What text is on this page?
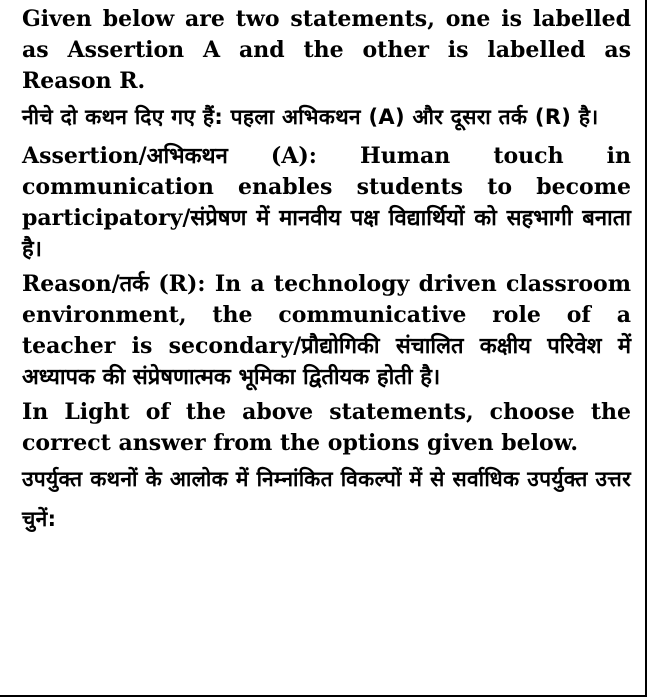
Given below are two statements, one is labelled as Assertion A and the other is labelled as Reason R.

नीचे दो कथन दिए गए हैं: पहला अभिकथन (A) और दूसरा तर्क (R) है।

Assertion/अभिकथन (A): Human touch in communication enables students to become participatory/संप्रेषण में मानवीय पक्ष विद्यार्थियों को सहभागी बनाता है।

Reason/तर्क (R): In a technology driven classroom environment, the communicative role of a teacher is secondary/प्रौद्योगिकी संचालित कक्षीय परिवेश में अध्यापक की संप्रेषणात्मक भूमिका द्वितीयक होती है।

In Light of the above statements, choose the correct answer from the options given below.

उपर्युक्त कथनों के आलोक में निम्नांकित विकल्पों में से सर्वाधिक उपर्युक्त उत्तर चुनें:
